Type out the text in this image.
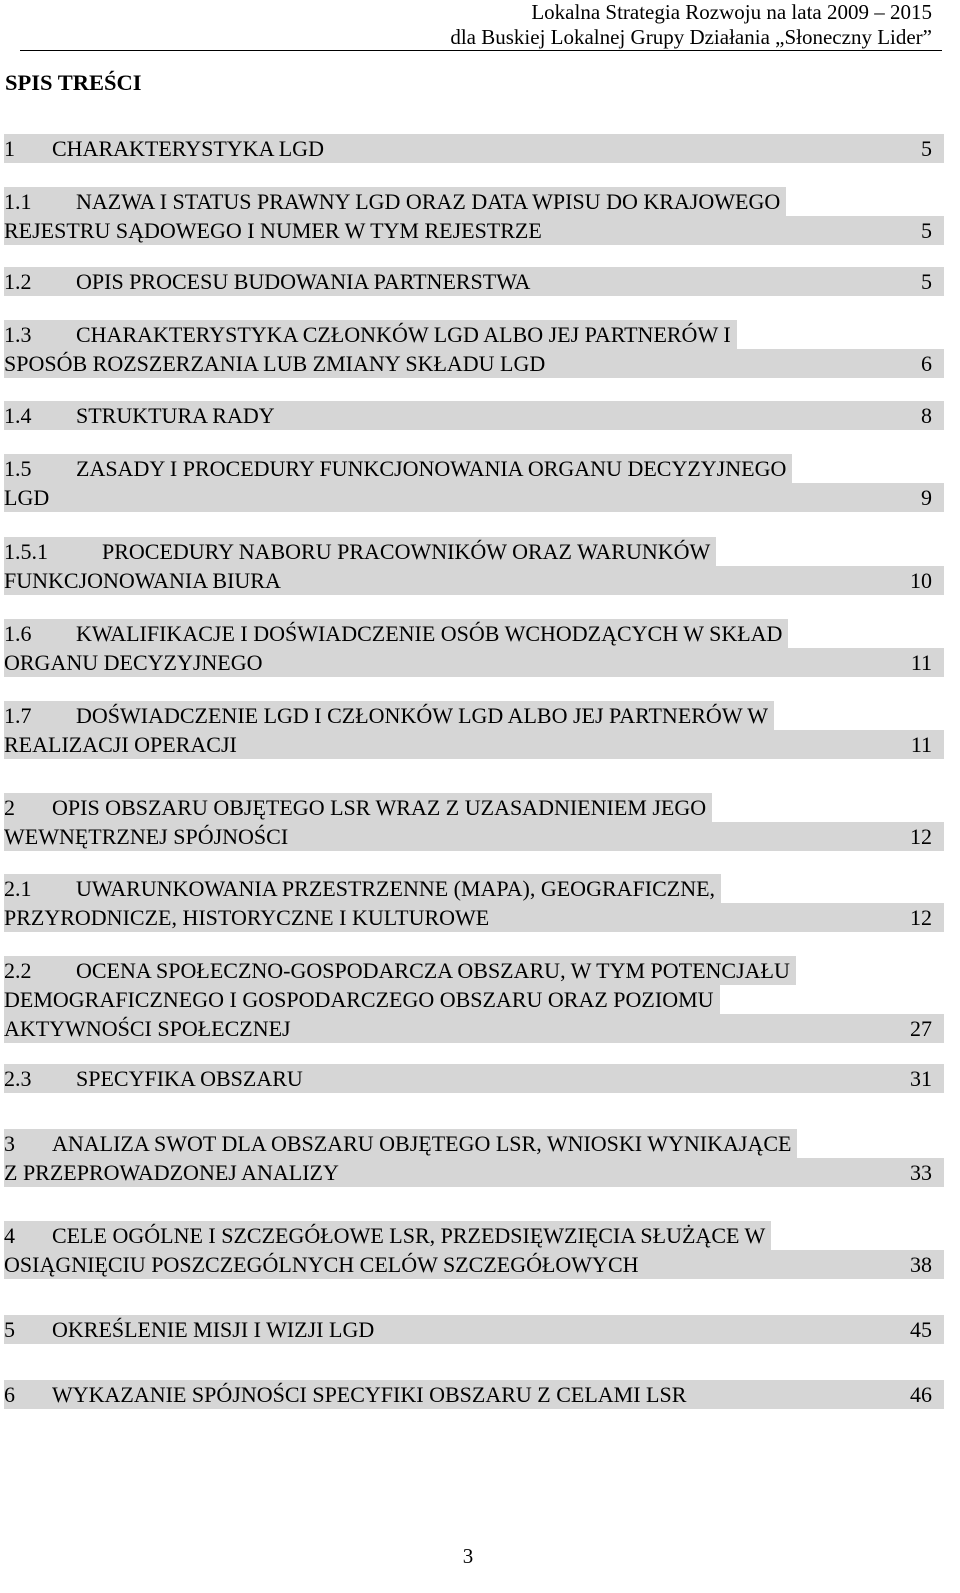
Lokalna Strategia Rozwoju na lata 2009 – 2015
dla Buskiej Lokalnej Grupy Działania „Słoneczny Lider”
SPIS TREŚCI
1 CHARAKTERYSTYKA LGD	5
1.1 NAZWA I STATUS PRAWNY LGD ORAZ DATA WPISU DO KRAJOWEGO
REJESTRU SĄDOWEGO I NUMER W TYM REJESTRZE	5
1.2 OPIS PROCESU BUDOWANIA PARTNERSTWA	5
1.3 CHARAKTERYSTYKA CZŁONKÓW LGD ALBO JEJ PARTNERÓW I
SPOSÓB ROZSZERZANIA LUB ZMIANY SKŁADU LGD	6
1.4 STRUKTURA RADY	8
1.5 ZASADY I PROCEDURY FUNKCJONOWANIA ORGANU DECYZYJNEGO
LGD	9
1.5.1 PROCEDURY NABORU PRACOWNIKÓW ORAZ WARUNKÓW
FUNKCJONOWANIA BIURA	10
1.6 KWALIFIKACJE I DOŚWIADCZENIE OSÓB WCHODZĄCYCH W SKŁAD
ORGANU DECYZYJNEGO	11
1.7 DOŚWIADCZENIE LGD I CZŁONKÓW LGD ALBO JEJ PARTNERÓW W
REALIZACJI OPERACJI	11
2 OPIS OBSZARU OBJĘTEGO LSR WRAZ Z UZASADNIENIEM JEGO
WEWNĘTRZNEJ SPÓJNOŚCI	12
2.1 UWARUNKOWANIA PRZESTRZENNE (MAPA), GEOGRAFICZNE,
PRZYRODNICZE, HISTORYCZNE I KULTUROWE	12
2.2 OCENA SPOŁECZNO-GOSPODARCZA OBSZARU, W TYM POTENCJAŁU
DEMOGRAFICZNEGO I GOSPODARCZEGO OBSZARU ORAZ POZIOMU
AKTYWNOŚCI SPOŁECZNEJ	27
2.3 SPECYFIKA OBSZARU	31
3 ANALIZA SWOT DLA OBSZARU OBJĘTEGO LSR, WNIOSKI WYNIKAJĄCE
Z PRZEPROWADZONEJ ANALIZY	33
4 CELE OGÓLNE I SZCZEGÓŁOWE LSR, PRZEDSIĘWZIĘCIA SŁUŻĄCE W
OSIĄGNIĘCIU POSZCZEGÓLNYCH CELÓW SZCZEGÓŁOWYCH	38
5 OKREŚLENIE MISJI I WIZJI LGD	45
6 WYKAZANIE SPÓJNOŚCI SPECYFIKI OBSZARU Z CELAMI LSR	46
3
